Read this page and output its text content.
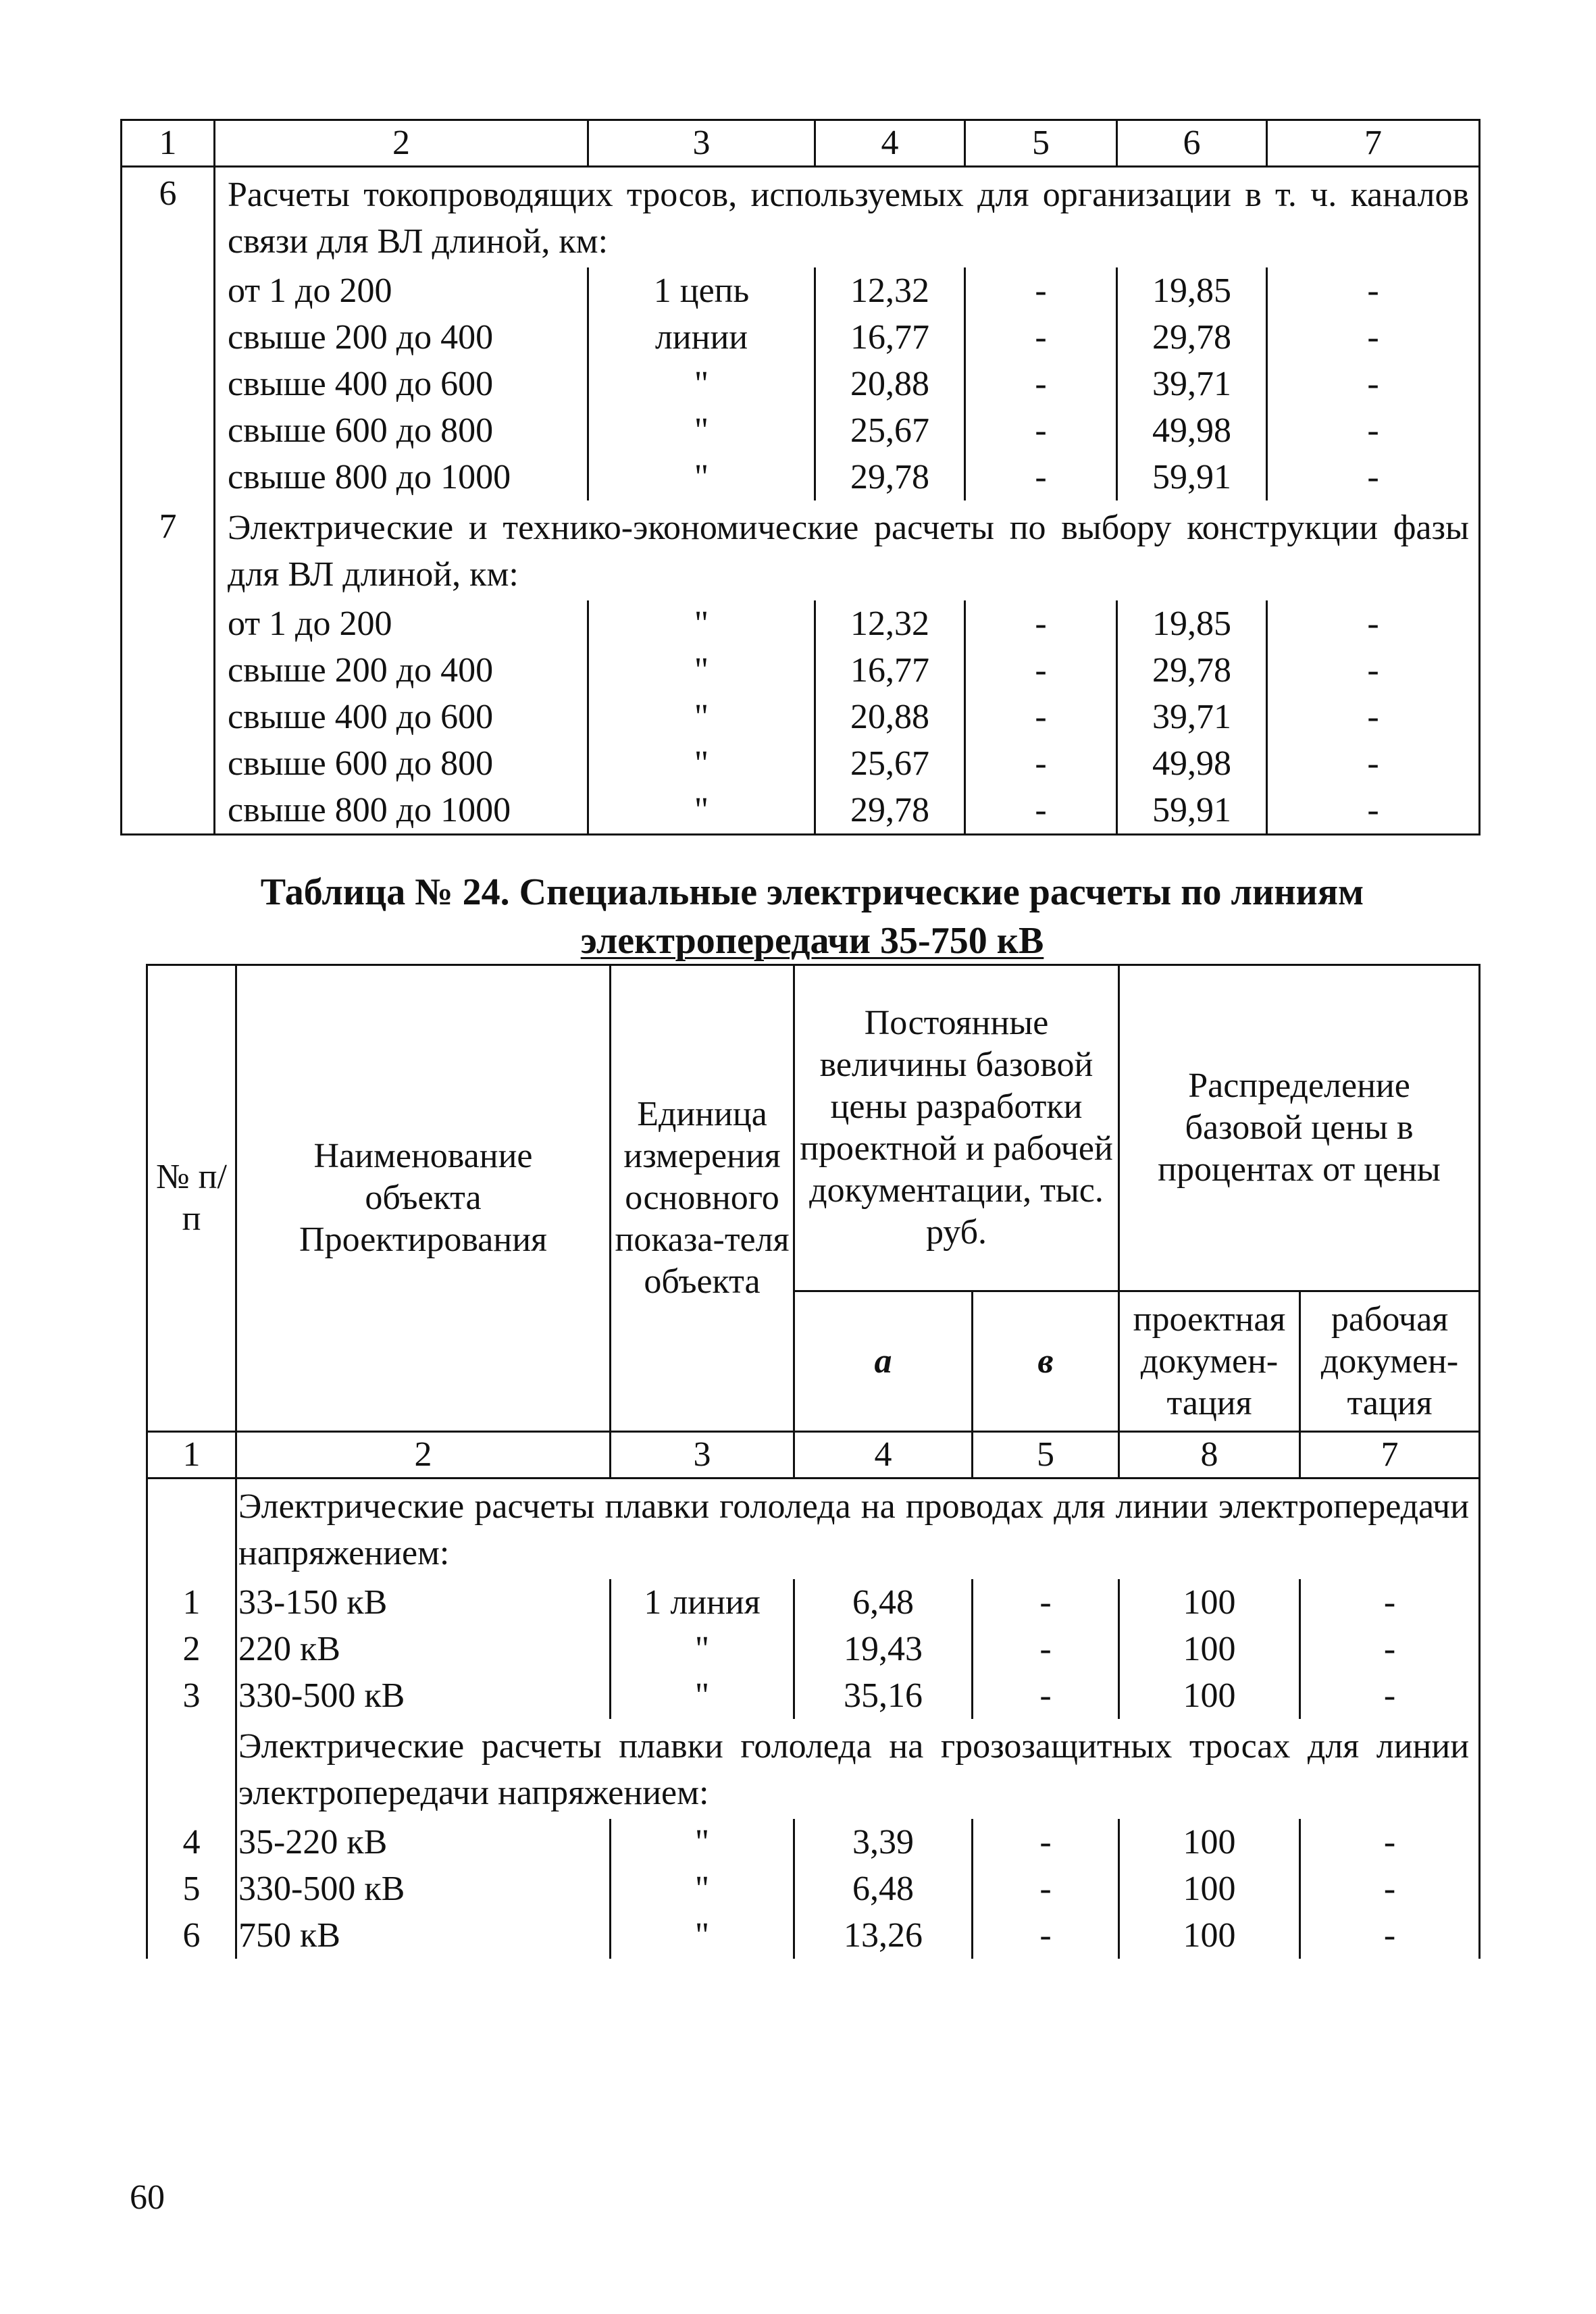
1	2	3	4	5	6	7
6	Расчеты токопроводящих тросов, используемых для организации в т. ч. каналов связи для ВЛ длиной, км:					
	от 1 до 200	1 цепь	12,32	-	19,85	-
	свыше 200 до 400	линии	16,77	-	29,78	-
	свыше 400 до 600	"	20,88	-	39,71	-
	свыше 600 до 800	"	25,67	-	49,98	-
	свыше 800 до 1000	"	29,78	-	59,91	-
7	Электрические и технико-экономические расчеты по выбору конструкции фазы для ВЛ длиной, км:					
	от 1 до 200	"	12,32	-	19,85	-
	свыше 200 до 400	"	16,77	-	29,78	-
	свыше 400 до 600	"	20,88	-	39,71	-
	свыше 600 до 800	"	25,67	-	49,98	-
	свыше 800 до 1000	"	29,78	-	59,91	-
Таблица № 24. Специальные электрические расчеты по линиям
электропередачи 35-750 кВ
№ п/п	Наименование объекта Проектирования	Единица измерения основного показа-теля объекта	Постоянные величины базовой цены разработки проектной и рабочей документации, тыс. руб.		Распределение базовой цены в процентах от цены	
			а	в	проектная докумен-тация	рабочая докумен-тация
1	2	3	4	5	8	7
	Электрические расчеты плавки гололеда на проводах для линии электропередачи напряжением:					
1	33-150 кВ	1 линия	6,48	-	100	-
2	220 кВ	"	19,43	-	100	-
3	330-500 кВ	"	35,16	-	100	-
	Электрические расчеты плавки гололеда на грозозащитных тросах для линии электропередачи напряжением:					
4	35-220 кВ	"	3,39	-	100	-
5	330-500 кВ	"	6,48	-	100	-
6	750 кВ	"	13,26	-	100	-
60
